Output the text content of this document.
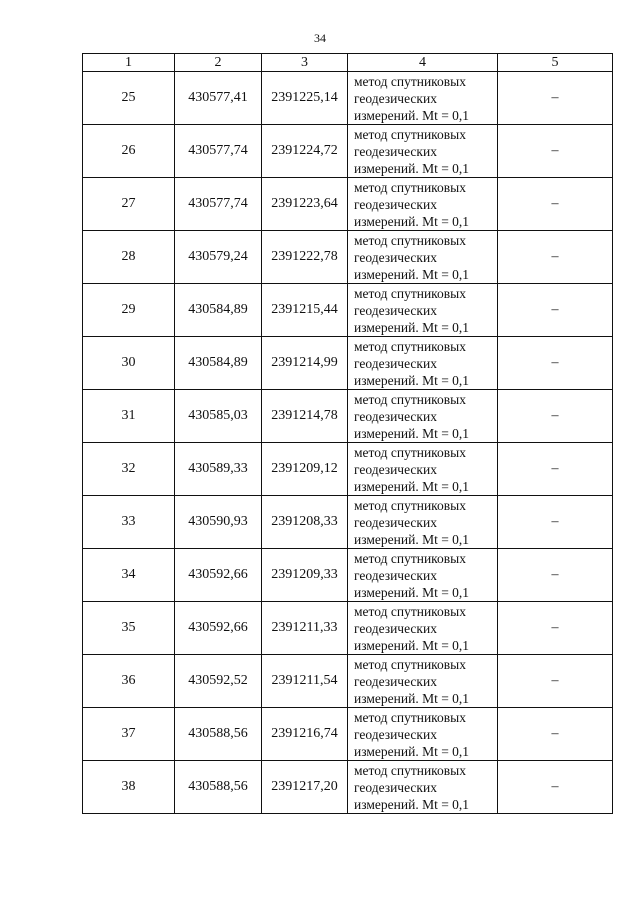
34
1	2	3	4	5
25	430577,41	2391225,14	метод спутниковых
геодезических
измерений. Mt = 0,1	–
26	430577,74	2391224,72	метод спутниковых
геодезических
измерений. Mt = 0,1	–
27	430577,74	2391223,64	метод спутниковых
геодезических
измерений. Mt = 0,1	–
28	430579,24	2391222,78	метод спутниковых
геодезических
измерений. Mt = 0,1	–
29	430584,89	2391215,44	метод спутниковых
геодезических
измерений. Mt = 0,1	–
30	430584,89	2391214,99	метод спутниковых
геодезических
измерений. Mt = 0,1	–
31	430585,03	2391214,78	метод спутниковых
геодезических
измерений. Mt = 0,1	–
32	430589,33	2391209,12	метод спутниковых
геодезических
измерений. Mt = 0,1	–
33	430590,93	2391208,33	метод спутниковых
геодезических
измерений. Mt = 0,1	–
34	430592,66	2391209,33	метод спутниковых
геодезических
измерений. Mt = 0,1	–
35	430592,66	2391211,33	метод спутниковых
геодезических
измерений. Mt = 0,1	–
36	430592,52	2391211,54	метод спутниковых
геодезических
измерений. Mt = 0,1	–
37	430588,56	2391216,74	метод спутниковых
геодезических
измерений. Mt = 0,1	–
38	430588,56	2391217,20	метод спутниковых
геодезических
измерений. Mt = 0,1	–
